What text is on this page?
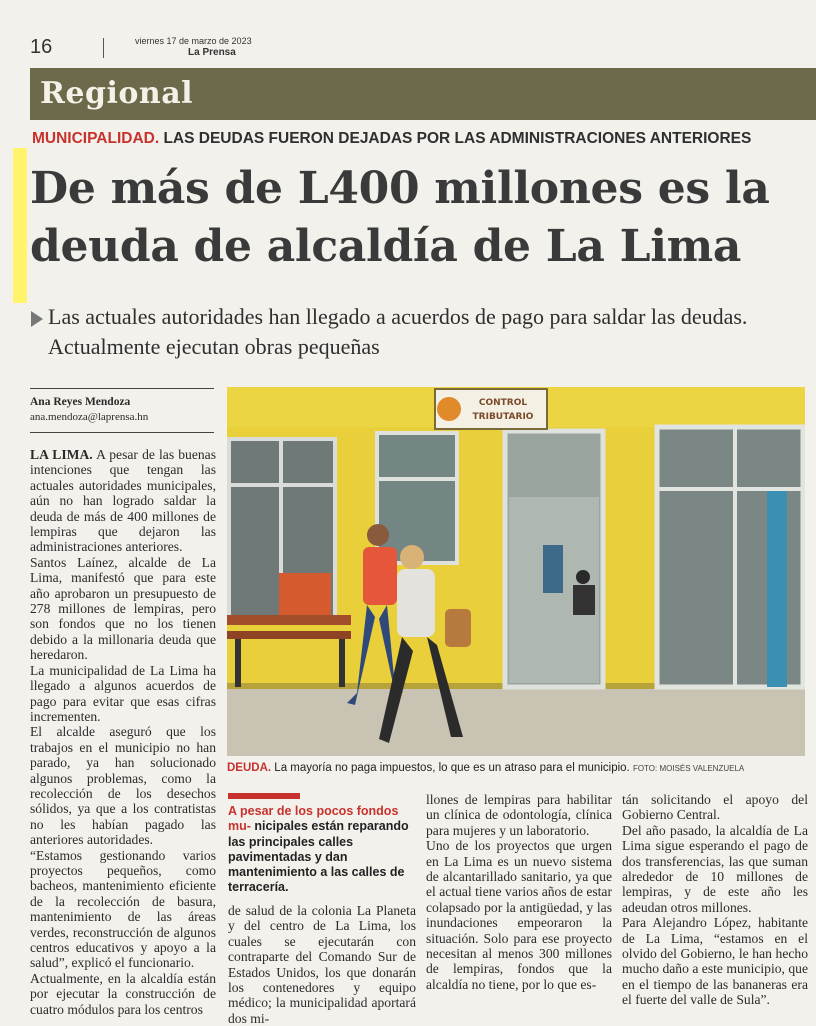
16	viernes 17 de marzo de 2023
La Prensa
Regional
MUNICIPALIDAD. LAS DEUDAS FUERON DEJADAS POR LAS ADMINISTRACIONES ANTERIORES
De más de L400 millones es la
deuda de alcaldía de La Lima

Las actuales autoridades han llegado a acuerdos de pago para saldar las deudas. Actualmente ejecutan obras pequeñas

Ana Reyes Mendoza
ana.mendoza@laprensa.hn

LA LIMA. A pesar de las buenas intenciones que tengan las actuales autoridades municipales, aún no han logrado saldar la deuda de más de 400 millones de lempiras que dejaron las administraciones anteriores.

Santos Laínez, alcalde de La Lima, manifestó que para este año aprobaron un presupuesto de 278 millones de lempiras, pero son fondos que no los tienen debido a la millonaria deuda que heredaron.

La municipalidad de La Lima ha llegado a algunos acuerdos de pago para evitar que esas cifras incrementen.

El alcalde aseguró que los trabajos en el municipio no han parado, ya han solucionado algunos problemas, como la recolección de los desechos sólidos, ya que a los contratistas no les habían pagado las anteriores autoridades.

“Estamos gestionando varios proyectos pequeños, como bacheos, mantenimiento eficiente de la recolección de basura, mantenimiento de las áreas verdes, reconstrucción de algunos centros educativos y apoyo a la salud”, explicó el funcionario.

Actualmente, en la alcaldía están por ejecutar la construcción de cuatro módulos para los centros

CONTROL
TRIBUTARIO
DEUDA. La mayoría no paga impuestos, lo que es un atraso para el municipio. FOTO: MOISÉS VALENZUELA

A pesar de los pocos fondos mu- nicipales están reparando las principales calles pavimentadas y dan mantenimiento a las calles de terracería.

de salud de la colonia La Planeta y del centro de La Lima, los cuales se ejecutarán con contraparte del Comando Sur de Estados Unidos, los que donarán los contenedores y equipo médico; la municipalidad aportará dos mi-

llones de lempiras para habilitar un clínica de odontología, clínica para mujeres y un laboratorio.

Uno de los proyectos que urgen en La Lima es un nuevo sistema de alcantarillado sanitario, ya que el actual tiene varios años de estar colapsado por la antigüedad, y las inundaciones empeoraron la situación. Solo para ese proyecto necesitan al menos 300 millones de lempiras, fondos que la alcaldía no tiene, por lo que es-

tán solicitando el apoyo del Gobierno Central.

Del año pasado, la alcaldía de La Lima sigue esperando el pago de dos transferencias, las que suman alrededor de 10 millones de lempiras, y de este año les adeudan otros millones.

Para Alejandro López, habitante de La Lima, “estamos en el olvido del Gobierno, le han hecho mucho daño a este municipio, que en el tiempo de las bananeras era el fuerte del valle de Sula”.
